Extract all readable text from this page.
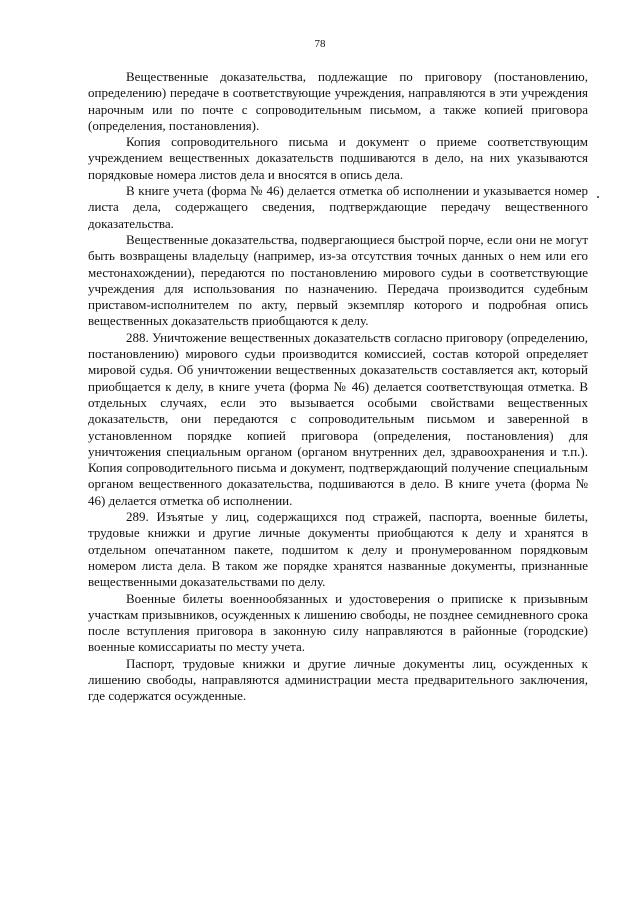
78

Вещественные доказательства, подлежащие по приговору (постановлению, определению) передаче в соответствующие учреждения, направляются в эти учреждения нарочным или по почте с сопроводительным письмом, а также копией приговора (определения, постановления).

Копия сопроводительного письма и документ о приеме соответствующим учреждением вещественных доказательств подшиваются в дело, на них указываются порядковые номера листов дела и вносятся в опись дела.

В книге учета (форма № 46) делается отметка об исполнении и указывается номер листа дела, содержащего сведения, подтверждающие передачу вещественного доказательства.

Вещественные доказательства, подвергающиеся быстрой порче, если они не могут быть возвращены владельцу (например, из-за отсутствия точных данных о нем или его местонахождении), передаются по постановлению мирового судьи в соответствующие учреждения для использования по назначению. Передача производится судебным приставом-исполнителем по акту, первый экземпляр которого и подробная опись вещественных доказательств приобщаются к делу.

288. Уничтожение вещественных доказательств согласно приговору (определению, постановлению) мирового судьи производится комиссией, состав которой определяет мировой судья. Об уничтожении вещественных доказательств составляется акт, который приобщается к делу, в книге учета (форма № 46) делается соответствующая отметка. В отдельных случаях, если это вызывается особыми свойствами вещественных доказательств, они передаются с сопроводительным письмом и заверенной в установленном порядке копией приговора (определения, постановления) для уничтожения специальным органом (органом внутренних дел, здравоохранения и т.п.). Копия сопроводительного письма и документ, подтверждающий получение специальным органом вещественного доказательства, подшиваются в дело. В книге учета (форма № 46) делается отметка об исполнении.

289. Изъятые у лиц, содержащихся под стражей, паспорта, военные билеты, трудовые книжки и другие личные документы приобщаются к делу и хранятся в отдельном опечатанном пакете, подшитом к делу и пронумерованном порядковым номером листа дела. В таком же порядке хранятся названные документы, признанные вещественными доказательствами по делу.

Военные билеты военнообязанных и удостоверения о приписке к призывным участкам призывников, осужденных к лишению свободы, не позднее семидневного срока после вступления приговора в законную силу направляются в районные (городские) военные комиссариаты по месту учета.

Паспорт, трудовые книжки и другие личные документы лиц, осужденных к лишению свободы, направляются администрации места предварительного заключения, где содержатся осужденные.
